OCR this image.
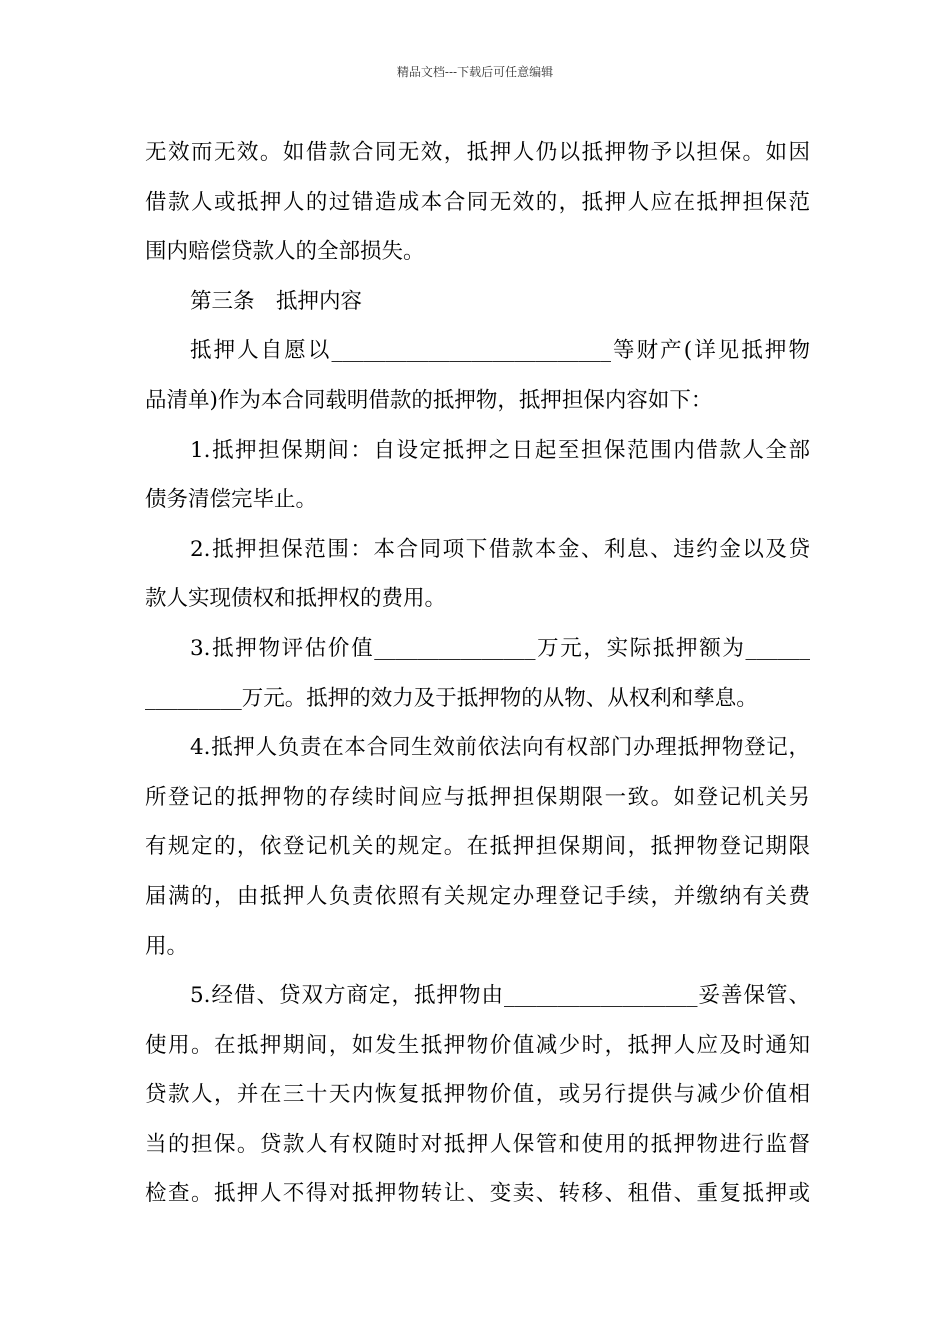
精品文档---下载后可任意编辑
无效而无效。如借款合同无效，抵押人仍以抵押物予以担保。如因
借款人或抵押人的过错造成本合同无效的，抵押人应在抵押担保范
围内赔偿贷款人的全部损失。
第三条　抵押内容
抵押人自愿以__________________________等财产(详见抵押物
品清单)作为本合同载明借款的抵押物，抵押担保内容如下：
1.抵押担保期间：自设定抵押之日起至担保范围内借款人全部
债务清偿完毕止。
2.抵押担保范围：本合同项下借款本金、利息、违约金以及贷
款人实现债权和抵押权的费用。
3.抵押物评估价值_______________万元，实际抵押额为______
_________万元。抵押的效力及于抵押物的从物、从权利和孳息。
4.抵押人负责在本合同生效前依法向有权部门办理抵押物登记，
所登记的抵押物的存续时间应与抵押担保期限一致。如登记机关另
有规定的，依登记机关的规定。在抵押担保期间，抵押物登记期限
届满的，由抵押人负责依照有关规定办理登记手续，并缴纳有关费
用。
5.经借、贷双方商定，抵押物由__________________妥善保管、
使用。在抵押期间，如发生抵押物价值减少时，抵押人应及时通知
贷款人，并在三十天内恢复抵押物价值，或另行提供与减少价值相
当的担保。贷款人有权随时对抵押人保管和使用的抵押物进行监督
检查。抵押人不得对抵押物转让、变卖、转移、租借、重复抵押或
